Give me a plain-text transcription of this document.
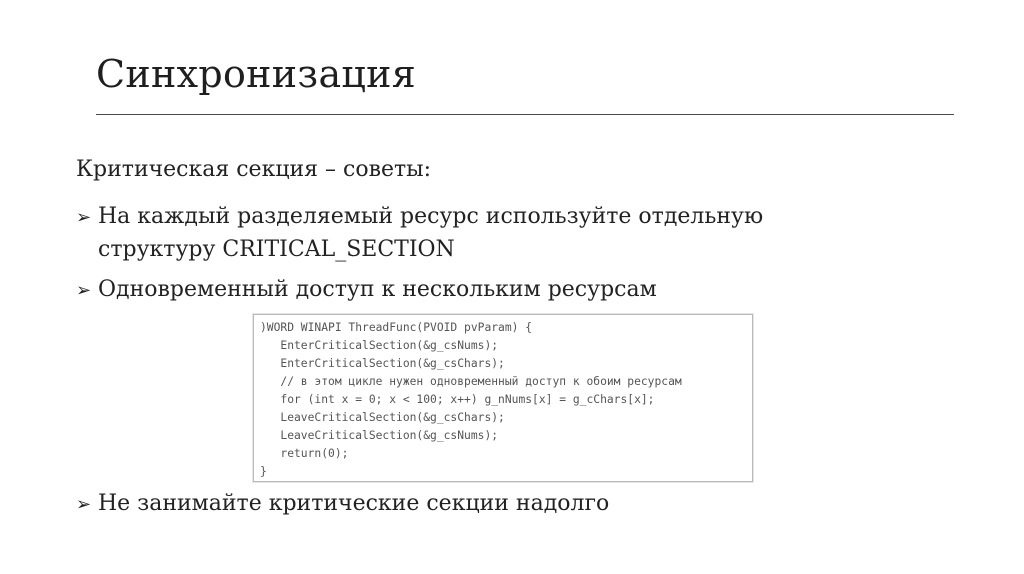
Синхронизация
Критическая секция – советы:
➢ На каждый разделяемый ресурс используйте отдельную
структуру CRITICAL_SECTION
➢ Одновременный доступ к нескольким ресурсам
)WORD WINAPI ThreadFunc(PVOID pvParam) {
EnterCriticalSection(&g_csNums);
EnterCriticalSection(&g_csChars);
// в этом цикле нужен одновременный доступ к обоим ресурсам
for (int x = 0; x < 100; x++) g_nNums[x] = g_cChars[x];
LeaveCriticalSection(&g_csChars);
LeaveCriticalSection(&g_csNums);
return(0);
}
➢ Не занимайте критические секции надолго
